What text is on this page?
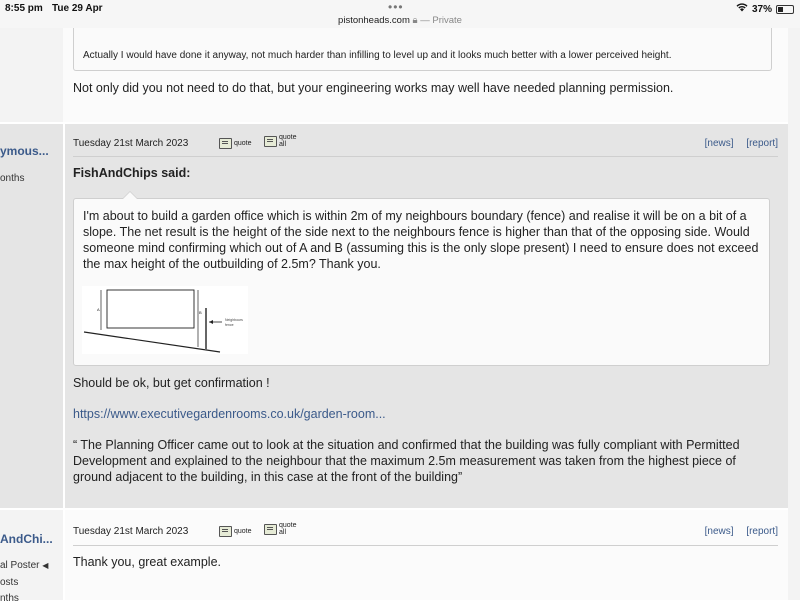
8:55 pm Tue 29 Apr	•••
pistonheads.com 🔒︎ — Private
37%
Actually I would have done it anyway, not much harder than infilling to level up and it looks much better with a lower perceived height.
Not only did you not need to do that, but your engineering works may well have needed planning permission.
ymous...
onths
Tuesday 21st March 2023	quote
quote
all	[news] [report]
FishAndChips said:
I'm about to build a garden office which is within 2m of my neighbours boundary (fence) and realise it will be on a bit of a slope. The net result is the height of the side next to the neighbours fence is higher than that of the opposing side. Would someone mind confirming which out of A and B (assuming this is the only slope present) I need to ensure does not exceed the max height of the outbuilding of 2.5m? Thank you.
A
B
Neighbours
fence
Should be ok, but get confirmation !
https://www.executivegardenrooms.co.uk/garden-room...
“ The Planning Officer came out to look at the situation and confirmed that the building was fully compliant with Permitted Development and explained to the neighbour that the maximum 2.5m measurement was taken from the highest piece of ground adjacent to the building, in this case at the front of the building”
AndChi...
al Poster ◀
osts
nths
Tuesday 21st March 2023	quote
quote
all	[news] [report]
Thank you, great example.
